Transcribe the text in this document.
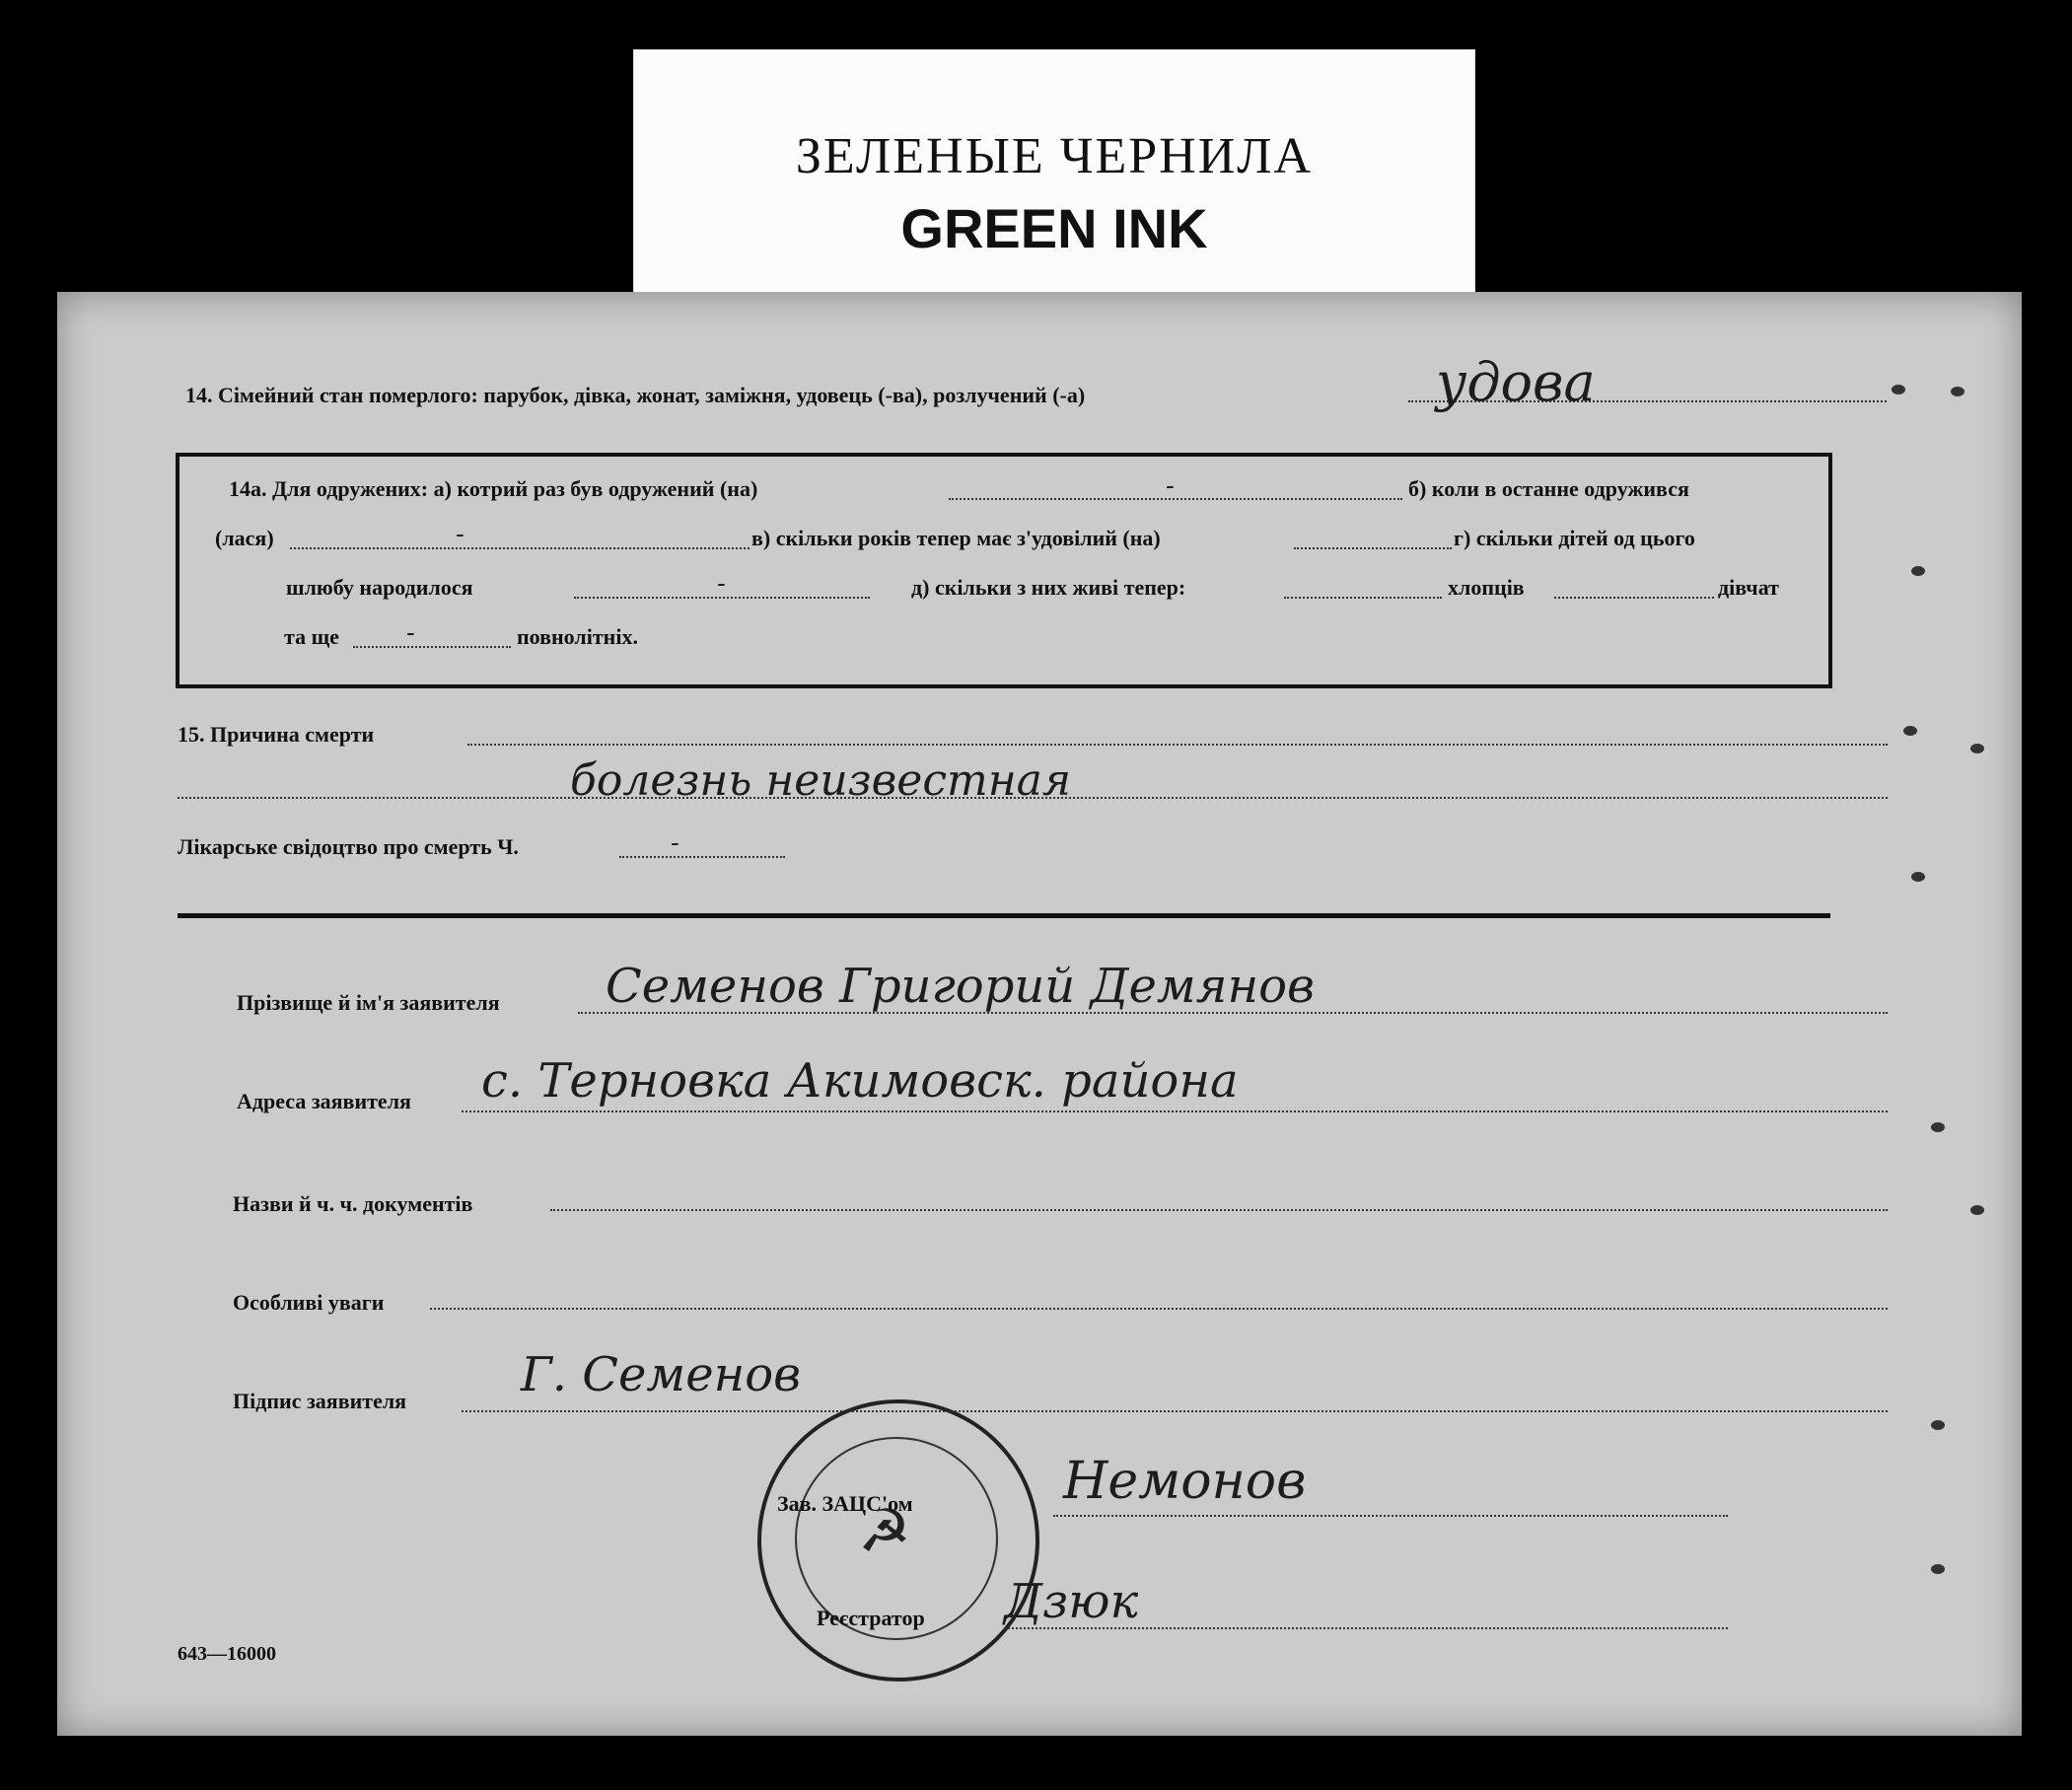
ЗЕЛЕНЫЕ ЧЕРНИЛА
GREEN INK
14. Сімейний стан померлого: парубок, дівка, жонат, заміжня, удовець (-ва), розлучений (-а)	удова
14а. Для одружених: а) котрий раз був одружений (на)	-	б) коли в останне одружився
(лася)	-	в) скільки років тепер має з'удовілий (на)	г) скільки дітей од цього
шлюбу народилося	-	д) скільки з них живі тепер:	хлопців	дівчат
та ще	-	повнолітніх.
15. Причина смерти
болезнь неизвестная
Лікарське свідоцтво про смерть Ч.	-
Прізвище й ім'я заявителя Семенов Григорий Демянов
Адреса заявителя с. Терновка Акимовск. района
Назви й ч. ч. документів
Особливі уваги
Підпис заявителя Г. Семенов
☭
Зав. ЗАЦС'ом	Немонов
Реєстратор Дзюк
643—16000
